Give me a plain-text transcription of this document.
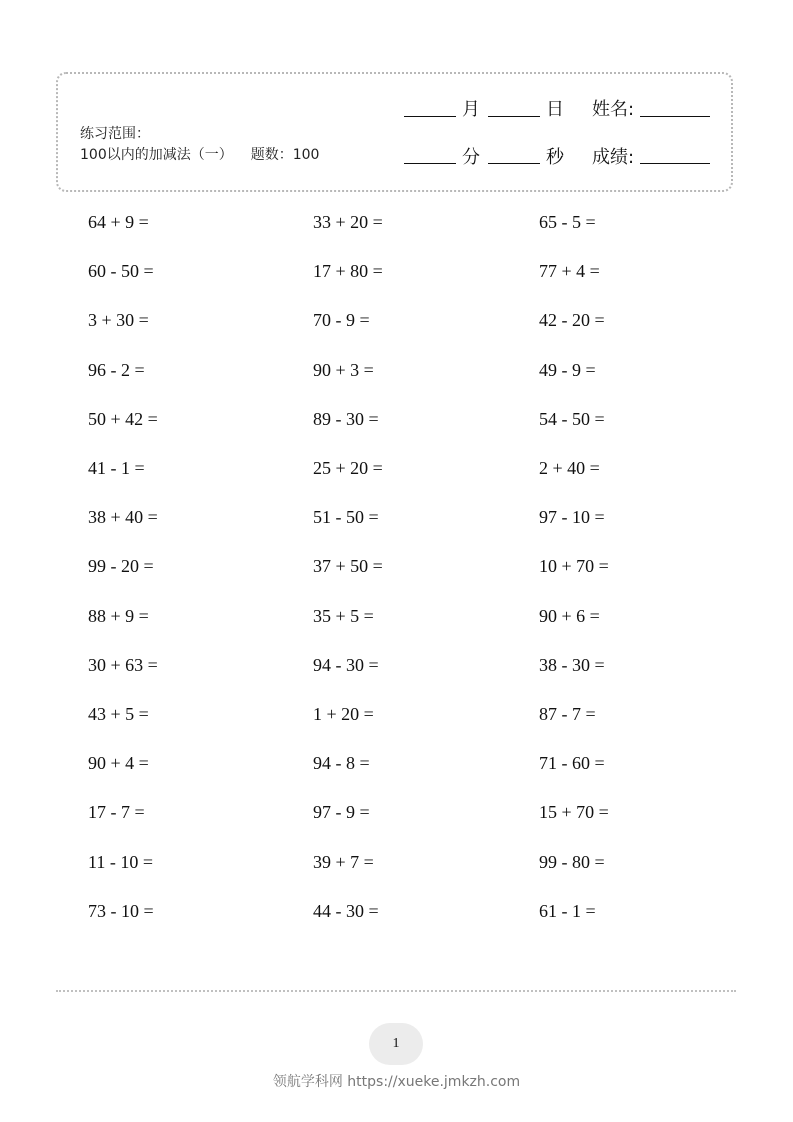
练习范围：
100以内的加减法（一） 题数：100
月	日 姓名:
分	秒 成绩:
64 + 9 =	33 + 20 =	65 - 5 =
60 - 50 =	17 + 80 =	77 + 4 =
3 + 30 =	70 - 9 =	42 - 20 =
96 - 2 =	90 + 3 =	49 - 9 =
50 + 42 =	89 - 30 =	54 - 50 =
41 - 1 =	25 + 20 =	2 + 40 =
38 + 40 =	51 - 50 =	97 - 10 =
99 - 20 =	37 + 50 =	10 + 70 =
88 + 9 =	35 + 5 =	90 + 6 =
30 + 63 =	94 - 30 =	38 - 30 =
43 + 5 =	1 + 20 =	87 - 7 =
90 + 4 =	94 - 8 =	71 - 60 =
17 - 7 =	97 - 9 =	15 + 70 =
11 - 10 =	39 + 7 =	99 - 80 =
73 - 10 =	44 - 30 =	61 - 1 =
1
领航学科网 https://xueke.jmkzh.com
